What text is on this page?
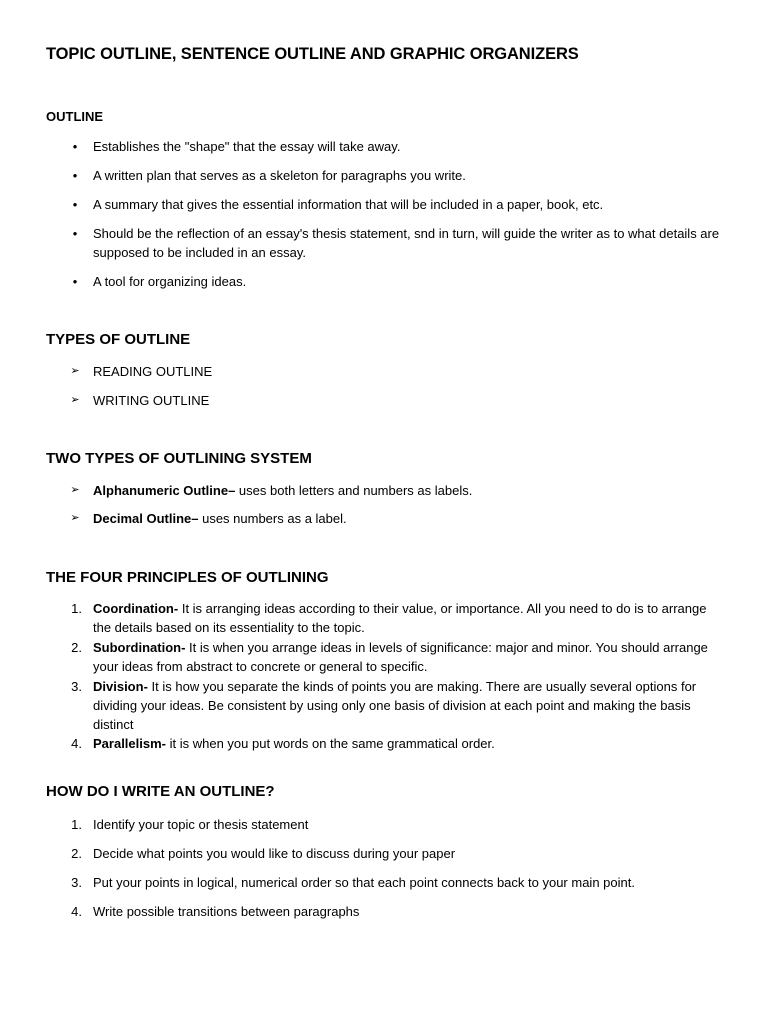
TOPIC OUTLINE, SENTENCE OUTLINE AND GRAPHIC ORGANIZERS
OUTLINE
•	Establishes the "shape" that the essay will take away.
•	A written plan that serves as a skeleton for paragraphs you write.
•	A summary that gives the essential information that will be included in a paper, book, etc.
•	Should be the reflection of an essay's thesis statement, snd in turn, will guide the writer as to what details are supposed to be included in an essay.
•	A tool for organizing ideas.
TYPES OF OUTLINE
➢ READING OUTLINE
➢ WRITING OUTLINE
TWO TYPES OF OUTLINING SYSTEM
➢ Alphanumeric Outline– uses both letters and numbers as labels.
➢ Decimal Outline– uses numbers as a label.
THE FOUR PRINCIPLES OF OUTLINING
1. Coordination- It is arranging ideas according to their value, or importance. All you need to do is to arrange the details based on its essentiality to the topic.
2. Subordination- It is when you arrange ideas in levels of significance: major and minor. You should arrange your ideas from abstract to concrete or general to specific.
3. Division- It is how you separate the kinds of points you are making. There are usually several options for dividing your ideas. Be consistent by using only one basis of division at each point and making the basis distinct
4. Parallelism- it is when you put words on the same grammatical order.
HOW DO I WRITE AN OUTLINE?
1. Identify your topic or thesis statement
2. Decide what points you would like to discuss during your paper
3. Put your points in logical, numerical order so that each point connects back to your main point.
4. Write possible transitions between paragraphs
